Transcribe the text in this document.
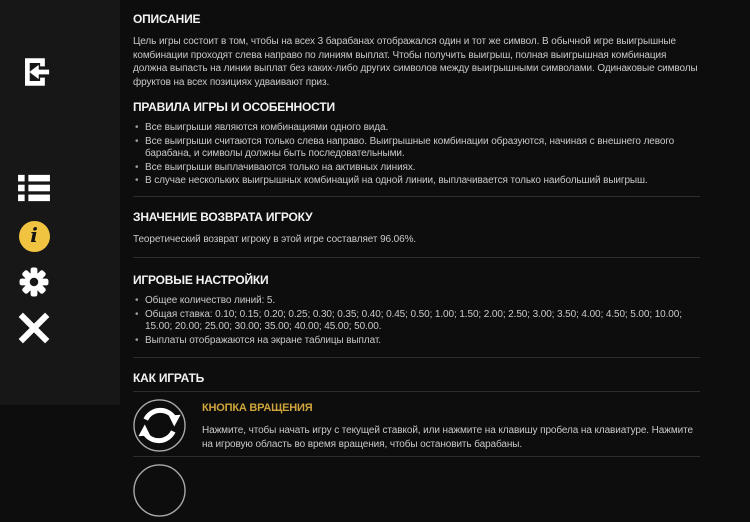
i
ОПИСАНИЕ

Цель игры состоит в том, чтобы на всех 3 барабанах отображался один и тот же символ. В обычной игре выигрышные комбинации проходят слева направо по линиям выплат. Чтобы получить выигрыш, полная выигрышная комбинация должна выпасть на линии выплат без каких-либо других символов между выигрышными символами. Одинаковые символы фруктов на всех позициях удваивают приз.

ПРАВИЛА ИГРЫ И ОСОБЕННОСТИ
• Все выигрыши являются комбинациями одного вида.
• Все выигрыши считаются только слева направо. Выигрышные комбинации образуются, начиная с внешнего левого барабана, и символы должны быть последовательными.
• Все выигрыши выплачиваются только на активных линиях.
• В случае нескольких выигрышных комбинаций на одной линии, выплачивается только наибольший выигрыш.
ЗНАЧЕНИЕ ВОЗВРАТА ИГРОКУ

Теоретический возврат игроку в этой игре составляет 96.06%.

ИГРОВЫЕ НАСТРОЙКИ
• Общее количество линий: 5.
• Общая ставка: 0.10; 0.15; 0.20; 0.25; 0.30; 0.35; 0.40; 0.45; 0.50; 1.00; 1.50; 2.00; 2.50; 3.00; 3.50; 4.00; 4.50; 5.00; 10.00; 15.00; 20.00; 25.00; 30.00; 35.00; 40.00; 45.00; 50.00.
• Выплаты отображаются на экране таблицы выплат.
КАК ИГРАТЬ
КНОПКА ВРАЩЕНИЯ

Нажмите, чтобы начать игру с текущей ставкой, или нажмите на клавишу пробела на клавиатуре. Нажмите на игровую область во время вращения, чтобы остановить барабаны.
